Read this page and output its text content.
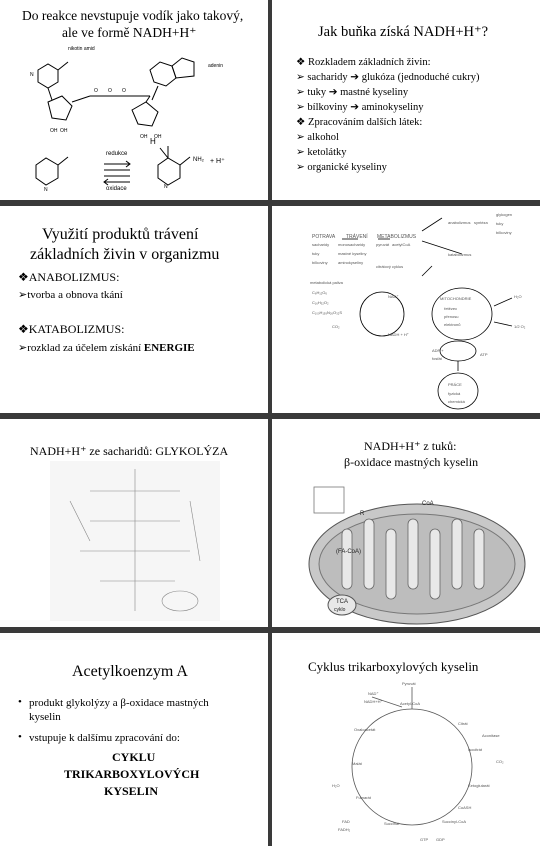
Do reakce nevstupuje vodík jako takový,
ale ve formě NADH+H⁺
O O O
OH
OH
OH OH
N
N
N
nikotin amid
adenin
redukce
oxidace
H
NH₂ + H⁺
Jak buňka získá NADH+H⁺?
❖ Rozkladem základních živin:
➢ sacharidy ➔ glukóza (jednoduché cukry)
➢ tuky ➔ mastné kyseliny
➢ bílkoviny ➔ aminokyseliny
❖ Zpracováním dalších látek:
➢ alkohol
➢ ketolátky
➢ organické kyseliny
Využití produktů trávení
základních živin v organizmu
❖ANABOLIZMUS:
➢tvorba a obnova tkání
❖KATABOLIZMUS:
➢rozklad za účelem získání ENERGIE
POTRAVA TRÁVENÍ METABOLIZMUS
sacharidy monosacharidy	pyruvát acetylCoA
tuky	mastné kyseliny
bílkoviny	aminokyseliny
citrátový cyklus
anabolizmus syntéza
glykogen
tuky
bílkoviny
katabolizmus
metabolická paliva
C₆H₁₂O₆
C₁₆H₃₂O₂
C₁₀₀H₁₅₉N₂₆O₃₂S
CO₂
NAD⁺
NADH + H⁺
MITOCHONDRIE
řetězec
přenosu
elektronů
H₂O
1/2 O₂
ADP +
fosfát
ATP
PRÁCE
fyzická
chemická
NADH+H⁺ ze sacharidů: GLYKOLÝZA	NADH+H⁺ z tuků:
β-oxidace mastných kyselin
CoA
(FA-CoA)
TCA
cyklo
R
Acetylkoenzym A
• produkt glykolýzy a β-oxidace mastných
kyselin
• vstupuje k dalšímu zpracování do:
CYKLU
TRIKARBOXYLOVÝCH
KYSELIN
Cyklus trikarboxylových kyselin
Pyruvát
Acetyl-CoA
Citrát
Aconitase
Isocitrát
Ketoglutarát
Succinyl-CoA
Succinát
Fumarát
Malát
Oxaloacetát
NAD⁺
NADH+H⁺
CO₂
H₂O
FAD
FADH₂
GTP GDP
CoASH
